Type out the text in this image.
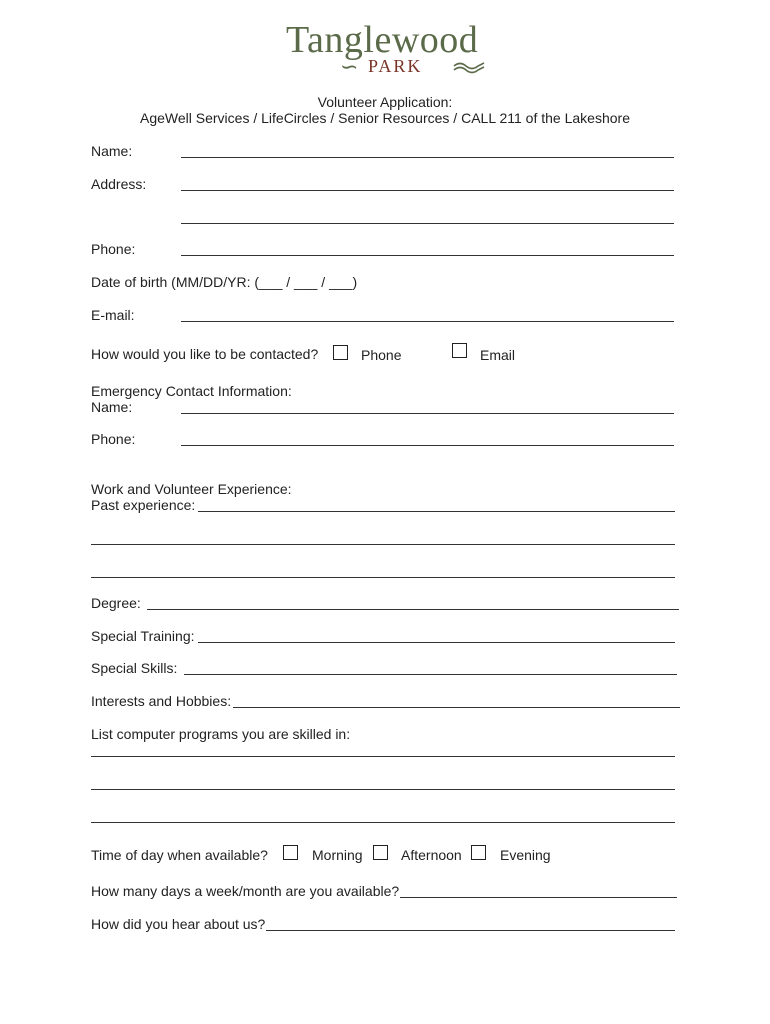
Tanglewood
∽ PARK
Volunteer Application:
AgeWell Services / LifeCircles / Senior Resources / CALL 211 of the Lakeshore
Name:
Address:
Phone:
Date of birth (MM/DD/YR: (___ / ___ / ___)
E-mail:
How would you like to be contacted?	Phone	Email
Emergency Contact Information:
Name:
Phone:
Work and Volunteer Experience:
Past experience:
Degree:
Special Training:
Special Skills:
Interests and Hobbies:
List computer programs you are skilled in:
Time of day when available?	Morning	Afternoon	Evening
How many days a week/month are you available?
How did you hear about us?
